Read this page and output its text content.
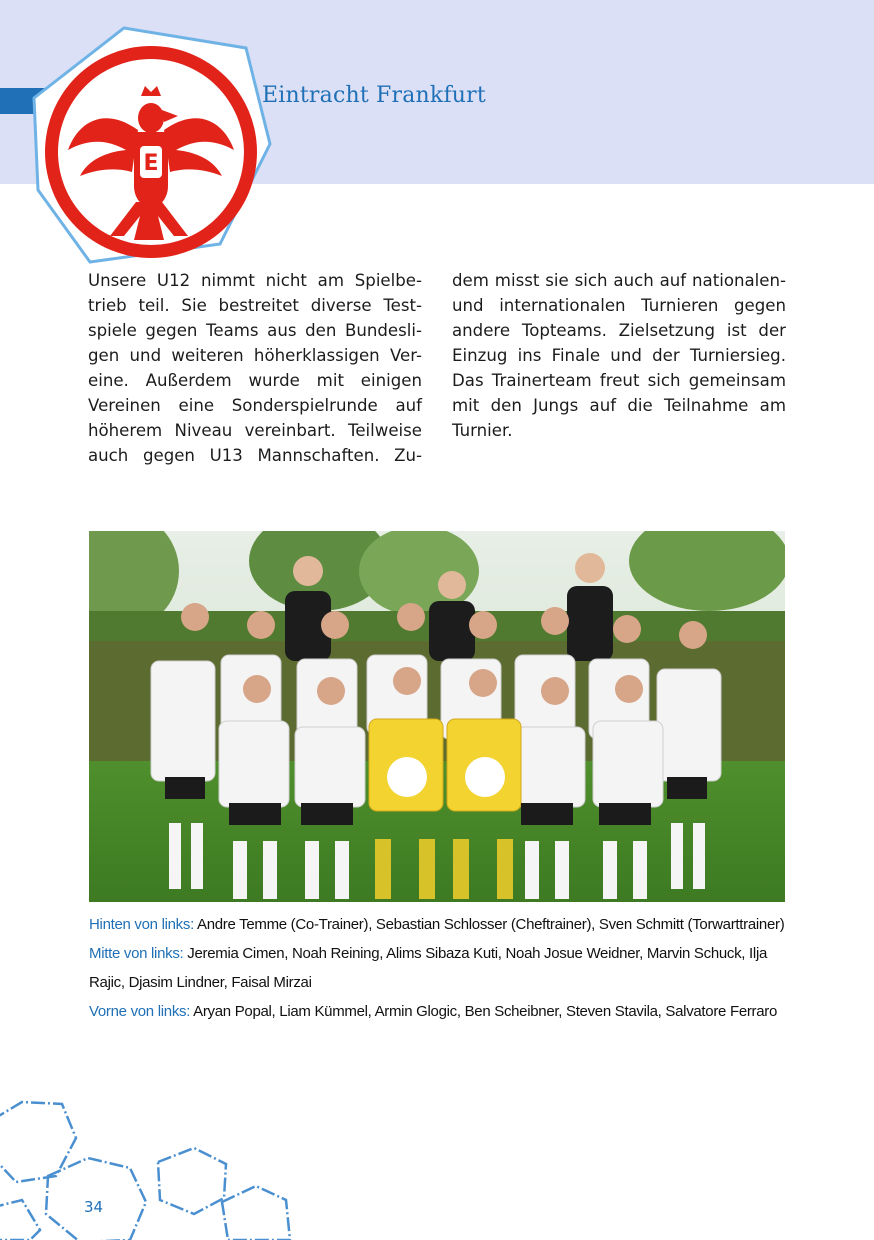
E
Eintracht Frankfurt
Unsere U12 nimmt nicht am Spielbe-
trieb teil. Sie bestreitet diverse Test-
spiele gegen Teams aus den Bundesli-
gen und weiteren höherklassigen Ver-
eine. Außerdem wurde mit einigen
Vereinen eine Sonderspielrunde auf
höherem Niveau vereinbart. Teilweise
auch gegen U13 Mannschaften. Zu-
dem misst sie sich auch auf nationalen-
und internationalen Turnieren gegen
andere Topteams. Zielsetzung ist der
Einzug ins Finale und der Turniersieg.
Das Trainerteam freut sich gemeinsam
mit den Jungs auf die Teilnahme am
Turnier.
Hinten von links: Andre Temme (Co-Trainer), Sebastian Schlosser (Cheftrainer), Sven Schmitt (Torwarttrainer)
Mitte von links: Jeremia Cimen, Noah Reining, Alims Sibaza Kuti, Noah Josue Weidner, Marvin Schuck, Ilja
Rajic, Djasim Lindner, Faisal Mirzai
Vorne von links: Aryan Popal, Liam Kümmel, Armin Glogic, Ben Scheibner, Steven Stavila, Salvatore Ferraro
34
